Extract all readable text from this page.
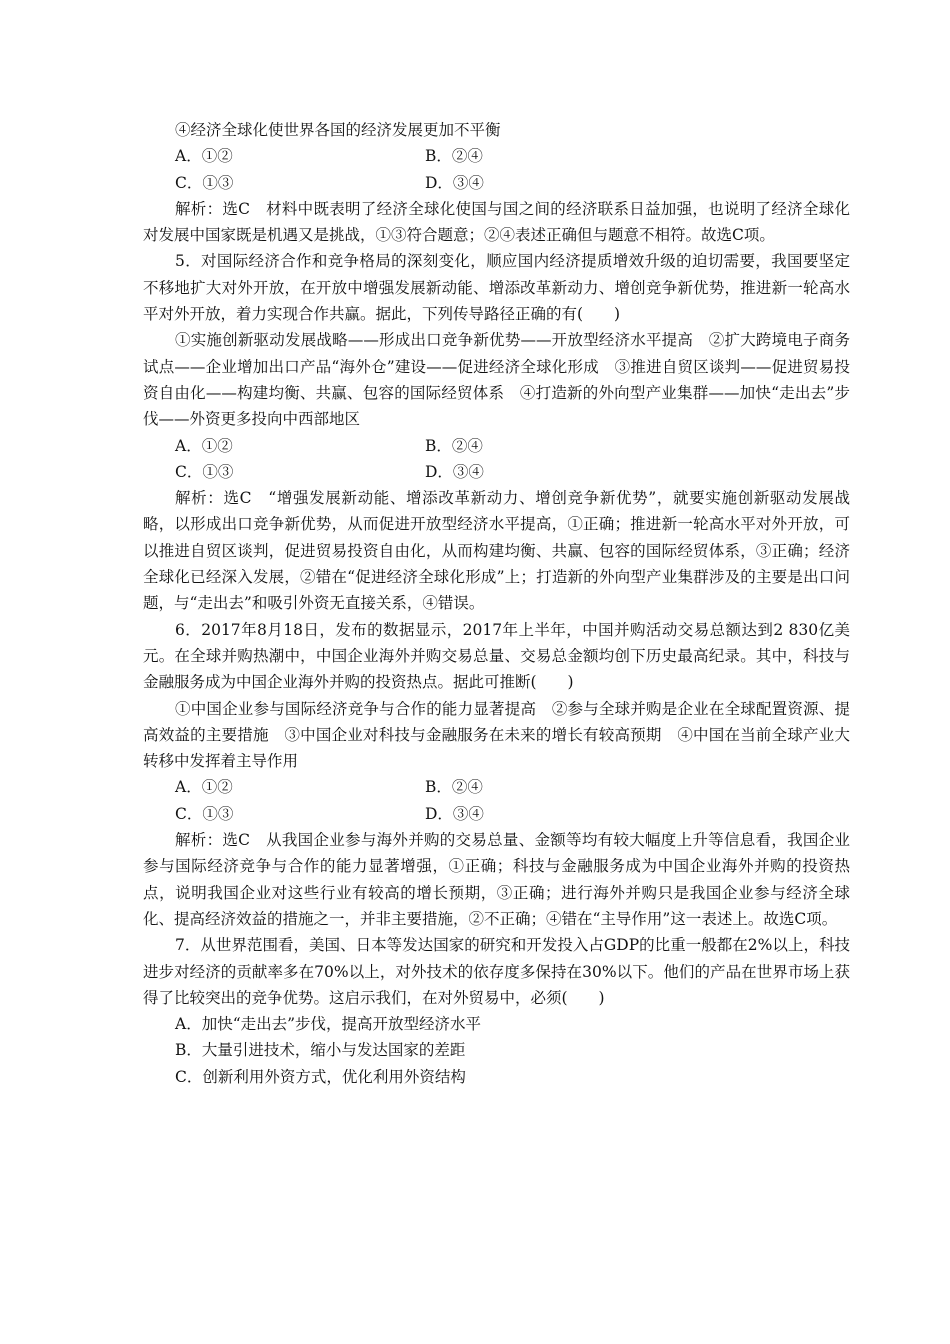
④经济全球化使世界各国的经济发展更加不平衡

A．①②	B．②④
C．①③	D．③④

解析：选C　材料中既表明了经济全球化使国与国之间的经济联系日益加强，也说明了经济全球化对发展中国家既是机遇又是挑战，①③符合题意；②④表述正确但与题意不相符。故选C项。

5．对国际经济合作和竞争格局的深刻变化，顺应国内经济提质增效升级的迫切需要，我国要坚定不移地扩大对外开放，在开放中增强发展新动能、增添改革新动力、增创竞争新优势，推进新一轮高水平对外开放，着力实现合作共赢。据此，下列传导路径正确的有(　　)

①实施创新驱动发展战略——形成出口竞争新优势——开放型经济水平提高　②扩大跨境电子商务试点——企业增加出口产品“海外仓”建设——促进经济全球化形成　③推进自贸区谈判——促进贸易投资自由化——构建均衡、共赢、包容的国际经贸体系　④打造新的外向型产业集群——加快“走出去”步伐——外资更多投向中西部地区

A．①②	B．②④
C．①③	D．③④

解析：选C　“增强发展新动能、增添改革新动力、增创竞争新优势”，就要实施创新驱动发展战略，以形成出口竞争新优势，从而促进开放型经济水平提高，①正确；推进新一轮高水平对外开放，可以推进自贸区谈判，促进贸易投资自由化，从而构建均衡、共赢、包容的国际经贸体系，③正确；经济全球化已经深入发展，②错在“促进经济全球化形成”上；打造新的外向型产业集群涉及的主要是出口问题，与“走出去”和吸引外资无直接关系，④错误。

6．2017年8月18日，发布的数据显示，2017年上半年，中国并购活动交易总额达到2 830亿美元。在全球并购热潮中，中国企业海外并购交易总量、交易总金额均创下历史最高纪录。其中，科技与金融服务成为中国企业海外并购的投资热点。据此可推断(　　)

①中国企业参与国际经济竞争与合作的能力显著提高　②参与全球并购是企业在全球配置资源、提高效益的主要措施　③中国企业对科技与金融服务在未来的增长有较高预期　④中国在当前全球产业大转移中发挥着主导作用

A．①②	B．②④
C．①③	D．③④

解析：选C　从我国企业参与海外并购的交易总量、金额等均有较大幅度上升等信息看，我国企业参与国际经济竞争与合作的能力显著增强，①正确；科技与金融服务成为中国企业海外并购的投资热点，说明我国企业对这些行业有较高的增长预期，③正确；进行海外并购只是我国企业参与经济全球化、提高经济效益的措施之一，并非主要措施，②不正确；④错在“主导作用”这一表述上。故选C项。

7．从世界范围看，美国、日本等发达国家的研究和开发投入占GDP的比重一般都在2%以上，科技进步对经济的贡献率多在70%以上，对外技术的依存度多保持在30%以下。他们的产品在世界市场上获得了比较突出的竞争优势。这启示我们，在对外贸易中，必须(　　)

A．加快“走出去”步伐，提高开放型经济水平
B．大量引进技术，缩小与发达国家的差距
C．创新利用外资方式，优化利用外资结构
